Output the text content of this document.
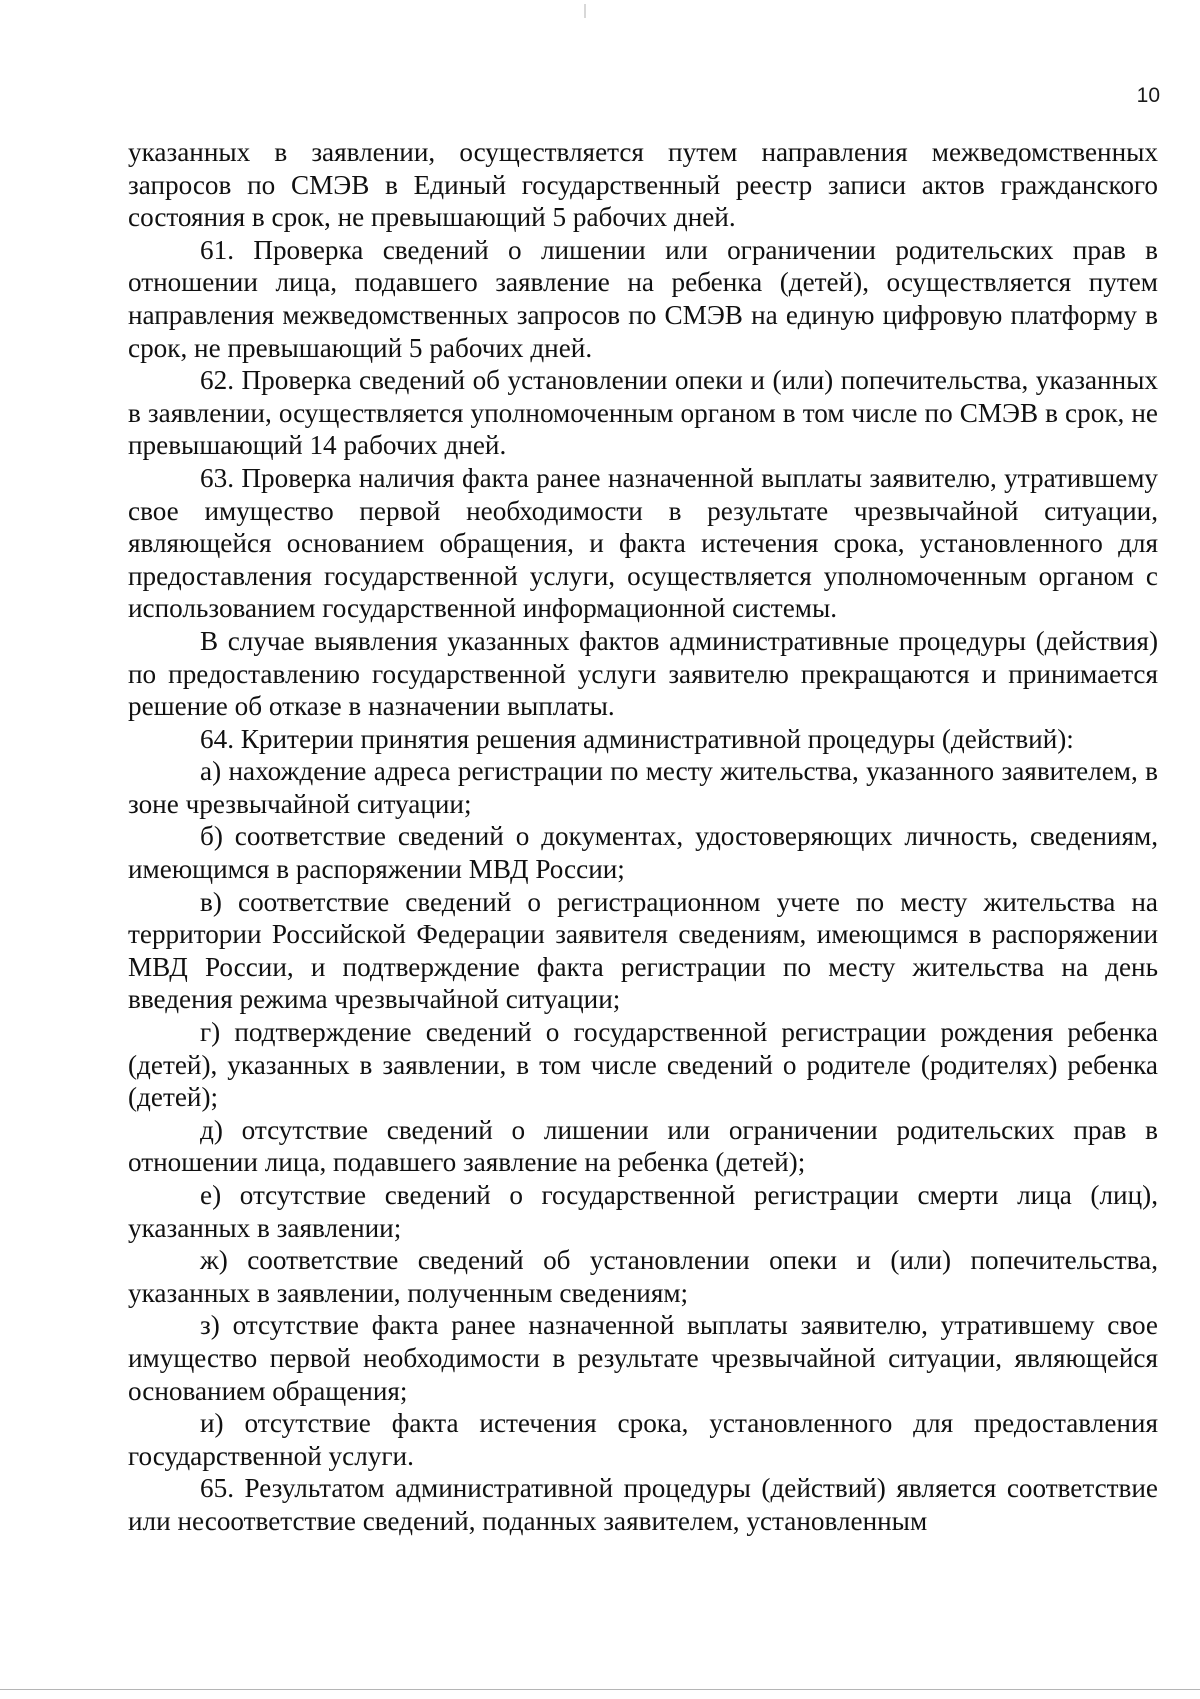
10

указанных в заявлении, осуществляется путем направления межведомственных запросов по СМЭВ в Единый государственный реестр записи актов гражданского состояния в срок, не превышающий 5 рабочих дней.

61. Проверка сведений о лишении или ограничении родительских прав в отношении лица, подавшего заявление на ребенка (детей), осуществляется путем направления межведомственных запросов по СМЭВ на единую цифровую платформу в срок, не превышающий 5 рабочих дней.

62. Проверка сведений об установлении опеки и (или) попечительства, указанных в заявлении, осуществляется уполномоченным органом в том числе по СМЭВ в срок, не превышающий 14 рабочих дней.

63. Проверка наличия факта ранее назначенной выплаты заявителю, утратившему свое имущество первой необходимости в результате чрезвычайной ситуации, являющейся основанием обращения, и факта истечения срока, установленного для предоставления государственной услуги, осуществляется уполномоченным органом с использованием государственной информационной системы.

В случае выявления указанных фактов административные процедуры (действия) по предоставлению государственной услуги заявителю прекращаются и принимается решение об отказе в назначении выплаты.

64. Критерии принятия решения административной процедуры (действий):

а) нахождение адреса регистрации по месту жительства, указанного заявителем, в зоне чрезвычайной ситуации;

б) соответствие сведений о документах, удостоверяющих личность, сведениям, имеющимся в распоряжении МВД России;

в) соответствие сведений о регистрационном учете по месту жительства на территории Российской Федерации заявителя сведениям, имеющимся в распоряжении МВД России, и подтверждение факта регистрации по месту жительства на день введения режима чрезвычайной ситуации;

г) подтверждение сведений о государственной регистрации рождения ребенка (детей), указанных в заявлении, в том числе сведений о родителе (родителях) ребенка (детей);

д) отсутствие сведений о лишении или ограничении родительских прав в отношении лица, подавшего заявление на ребенка (детей);

е) отсутствие сведений о государственной регистрации смерти лица (лиц), указанных в заявлении;

ж) соответствие сведений об установлении опеки и (или) попечительства, указанных в заявлении, полученным сведениям;

з) отсутствие факта ранее назначенной выплаты заявителю, утратившему свое имущество первой необходимости в результате чрезвычайной ситуации, являющейся основанием обращения;

и) отсутствие факта истечения срока, установленного для предоставления государственной услуги.

65. Результатом административной процедуры (действий) является соответствие или несоответствие сведений, поданных заявителем, установленным
